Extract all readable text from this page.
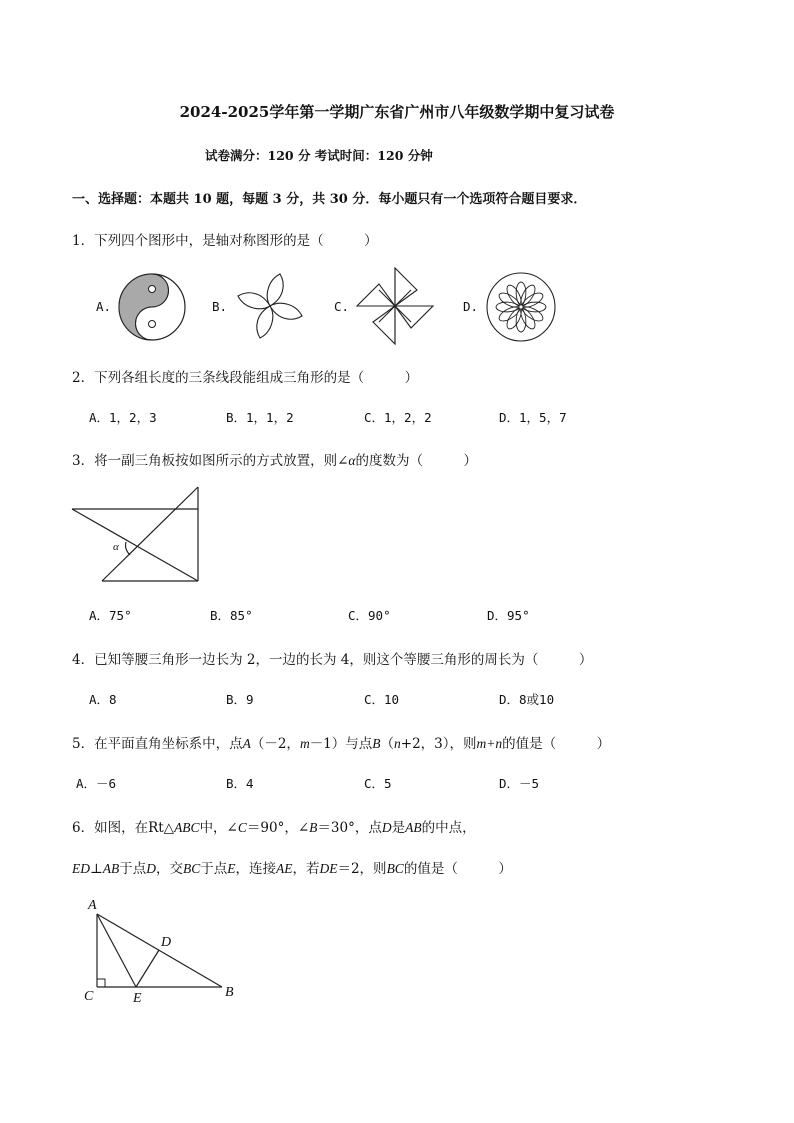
2024-2025学年第一学期广东省广州市八年级数学期中复习试卷
试卷满分：120 分 考试时间：120 分钟
一、选择题：本题共 10 题，每题 3 分，共 30 分．每小题只有一个选项符合题目要求．
1．下列四个图形中，是轴对称图形的是（　　　）
A.	B.	C.	D.
2．下列各组长度的三条线段能组成三角形的是（　　　）
A．1，2，3	B．1，1，2	C．1，2，2	D．1，5，7
3．将一副三角板按如图所示的方式放置，则∠α的度数为（　　　）
α
A．75°	B．85°	C．90°	D．95°
4．已知等腰三角形一边长为 2，一边的长为 4，则这个等腰三角形的周长为（　　　）
A．8	B．9	C．10	D．8或10
5．在平面直角坐标系中，点A（－2，m－1）与点B（n+2，3），则m+n的值是（　　　）
A．－6	B．4	C．5	D．－5
6．如图，在Rt△ABC中，∠C＝90°，∠B＝30°，点D是AB的中点，
ED⊥AB于点D，交BC于点E，连接AE，若DE＝2，则BC的值是（　　　）
A
D
C	E	B
